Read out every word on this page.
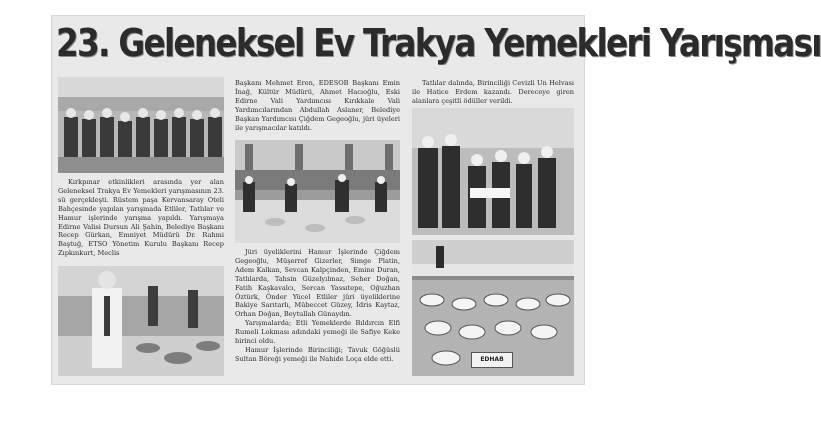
23. Geleneksel Ev Trakya Yemekleri Yarışması
EDHAB

Kırkpınar etkinlikleri arasında yer alan Geleneksel Trakya Ev Yemekleri yarışmasının 23. sü gerçekleşti. Rüstem paşa Kervansaray Oteli Bahçesinde yapılan yarışmada Etliler, Tatlılar ve Hamur işlerinde yarışma yapıldı. Yarışmaya Edirne Valisi Dursun Ali Şahin, Belediye Başkanı Recep Gürkan, Emniyet Müdürü Dr. Rahmi Baştuğ, ETSO Yönetim Kurulu Başkanı Recep Zıpkınkurt, Meclis

Başkanı Mehmet Eren, EDESOB Başkanı Emin İnağ, Kültür Müdürü, Ahmet Hacıoğlu, Eski Edirne Vali Yardımcısı Kırıkkale Vali Yardımcılarından Abdullah Aslaner, Belediye Başkan Yardımcısı Çiğdem Gegeoğlu, jüri üyeleri ile yarışmacılar katıldı.

Jüri üyeliklerini Hamur İşlerinde Çiğdem Gegeoğlu, Müşerref Gizerler, Simge Platin, Adem Kalkan, Sevcan Kalpçinden, Emine Duran, Tatlılarda, Tahsin Güzelyılmaz, Seher Doğan, Fatih Kaşkavalcı, Sercan Yassıtepe, Oğuzhan Öztürk, Önder Yücel Etliler jüri üyeliklerine Bakiye Sarıtarlı, Mübeccet Güzey, İdris Kaytaz, Orhan Doğan, Beytullah Günaydın.

Yarışmalarda; Etli Yemeklerde Bıldırcın Elfi Rumeli Lokması adındaki yemeği ile Safiye Keke birinci oldu.

Hamur İşlerinde Birinciliği; Tavuk Göğüslü Sultan Böreği yemeği ile Nahide Loça elde etti.

Tatlılar dalında, Birinciliği Cevizli Un Helvası ile Hatice Erdem kazandı. Dereceye giren alanlara çeşitli ödüller verildi.
